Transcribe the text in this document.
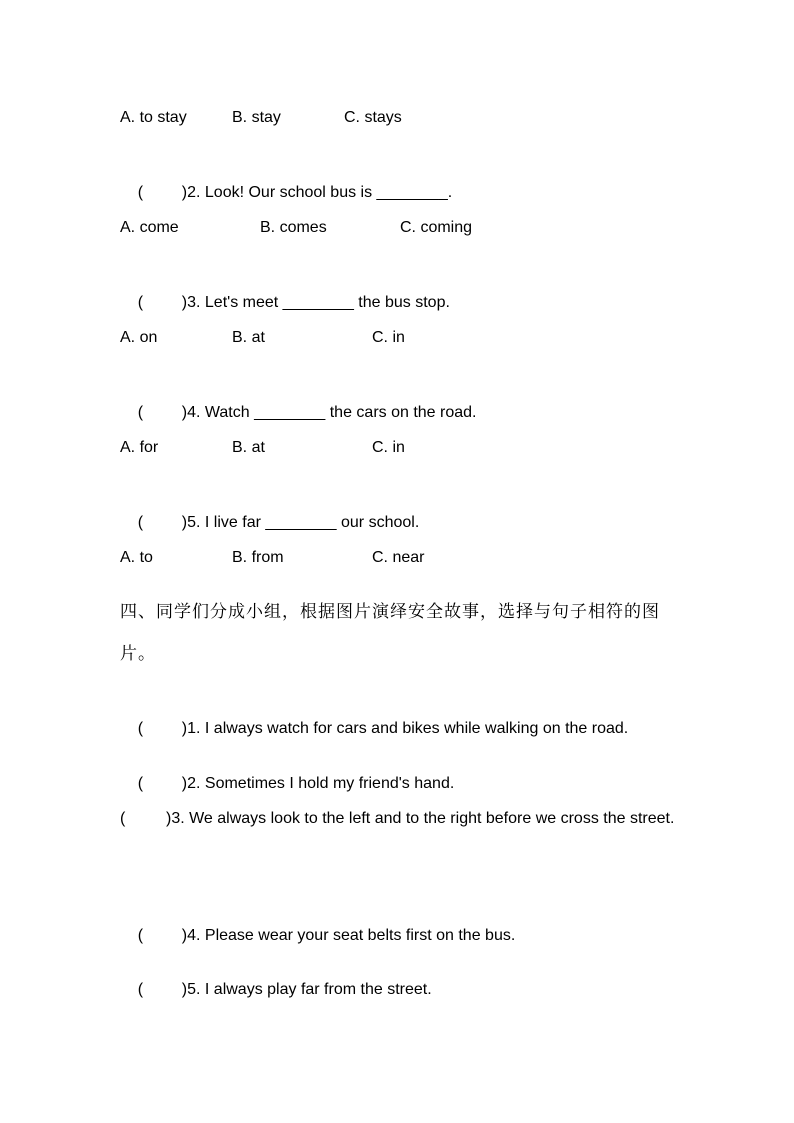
A. to stay	B. stay	C. stays

( )2. Look! Our school bus is ________.

A. come	B. comes	C. coming

( )3. Let's meet ________ the bus stop.

A. on	B. at	C. in

( )4. Watch ________ the cars on the road.

A. for	B. at	C. in

( )5. I live far ________ our school.

A. to	B. from	C. near
四、同学们分成小组，根据图片演绎安全故事，选择与句子相符的图片。

( )1. I always watch for cars and bikes while walking on the road.

( )2. Sometimes I hold my friend's hand.

(	)3. We always look to the left and to the right before we cross the street.

( )4. Please wear your seat belts first on the bus.

( )5. I always play far from the street.
